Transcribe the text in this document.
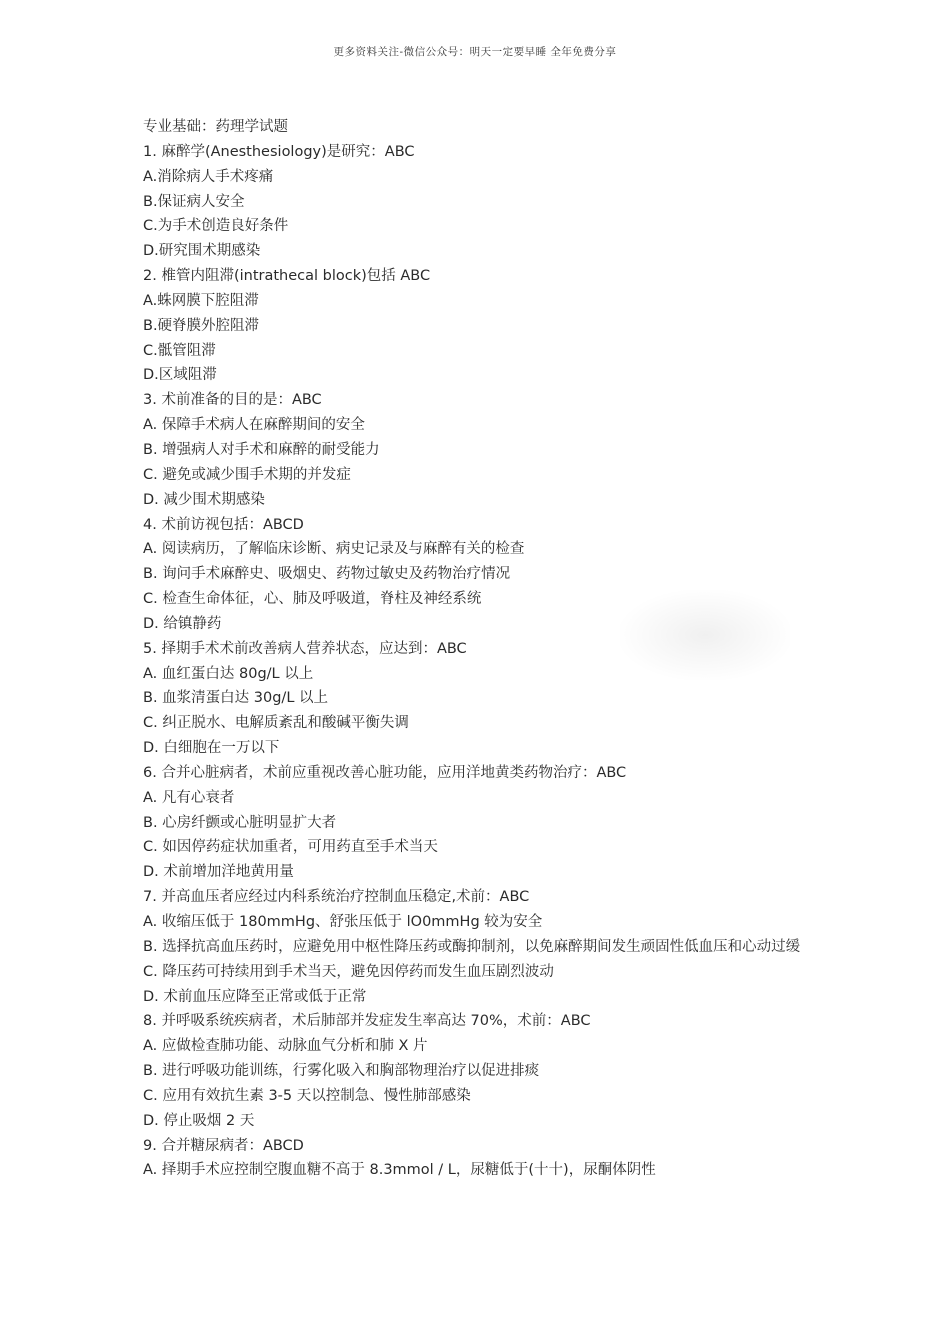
更多资料关注-微信公众号：明天一定要早睡 全年免费分享
专业基础：药理学试题
1. 麻醉学(Anesthesiology)是研究：ABC
A.消除病人手术疼痛
B.保证病人安全
C.为手术创造良好条件
D.研究围术期感染
2. 椎管内阻滞(intrathecal block)包括 ABC
A.蛛网膜下腔阻滞
B.硬脊膜外腔阻滞
C.骶管阻滞
D.区域阻滞
3. 术前准备的目的是：ABC
A. 保障手术病人在麻醉期间的安全
B. 增强病人对手术和麻醉的耐受能力
C. 避免或减少围手术期的并发症
D. 减少围术期感染
4. 术前访视包括：ABCD
A. 阅读病历，了解临床诊断、病史记录及与麻醉有关的检查
B. 询问手术麻醉史、吸烟史、药物过敏史及药物治疗情况
C. 检查生命体征，心、肺及呼吸道，脊柱及神经系统
D. 给镇静药
5. 择期手术术前改善病人营养状态，应达到：ABC
A. 血红蛋白达 80g/L 以上
B. 血浆清蛋白达 30g/L 以上
C. 纠正脱水、电解质紊乱和酸碱平衡失调
D. 白细胞在一万以下
6. 合并心脏病者，术前应重视改善心脏功能，应用洋地黄类药物治疗：ABC
A. 凡有心衰者
B. 心房纤颤或心脏明显扩大者
C. 如因停药症状加重者，可用药直至手术当天
D. 术前增加洋地黄用量
7. 并高血压者应经过内科系统治疗控制血压稳定,术前：ABC
A. 收缩压低于 180mmHg、舒张压低于 lO0mmHg 较为安全
B. 选择抗高血压药时，应避免用中枢性降压药或酶抑制剂，以免麻醉期间发生顽固性低血压和心动过缓
C. 降压药可持续用到手术当天，避免因停药而发生血压剧烈波动
D. 术前血压应降至正常或低于正常
8. 并呼吸系统疾病者，术后肺部并发症发生率高达 70%，术前：ABC
A. 应做检查肺功能、动脉血气分析和肺 X 片
B. 进行呼吸功能训练，行雾化吸入和胸部物理治疗以促进排痰
C. 应用有效抗生素 3-5 天以控制急、慢性肺部感染
D. 停止吸烟 2 天
9. 合并糖尿病者：ABCD
A. 择期手术应控制空腹血糖不高于 8.3mmol / L，尿糖低于(十十)，尿酮体阴性
